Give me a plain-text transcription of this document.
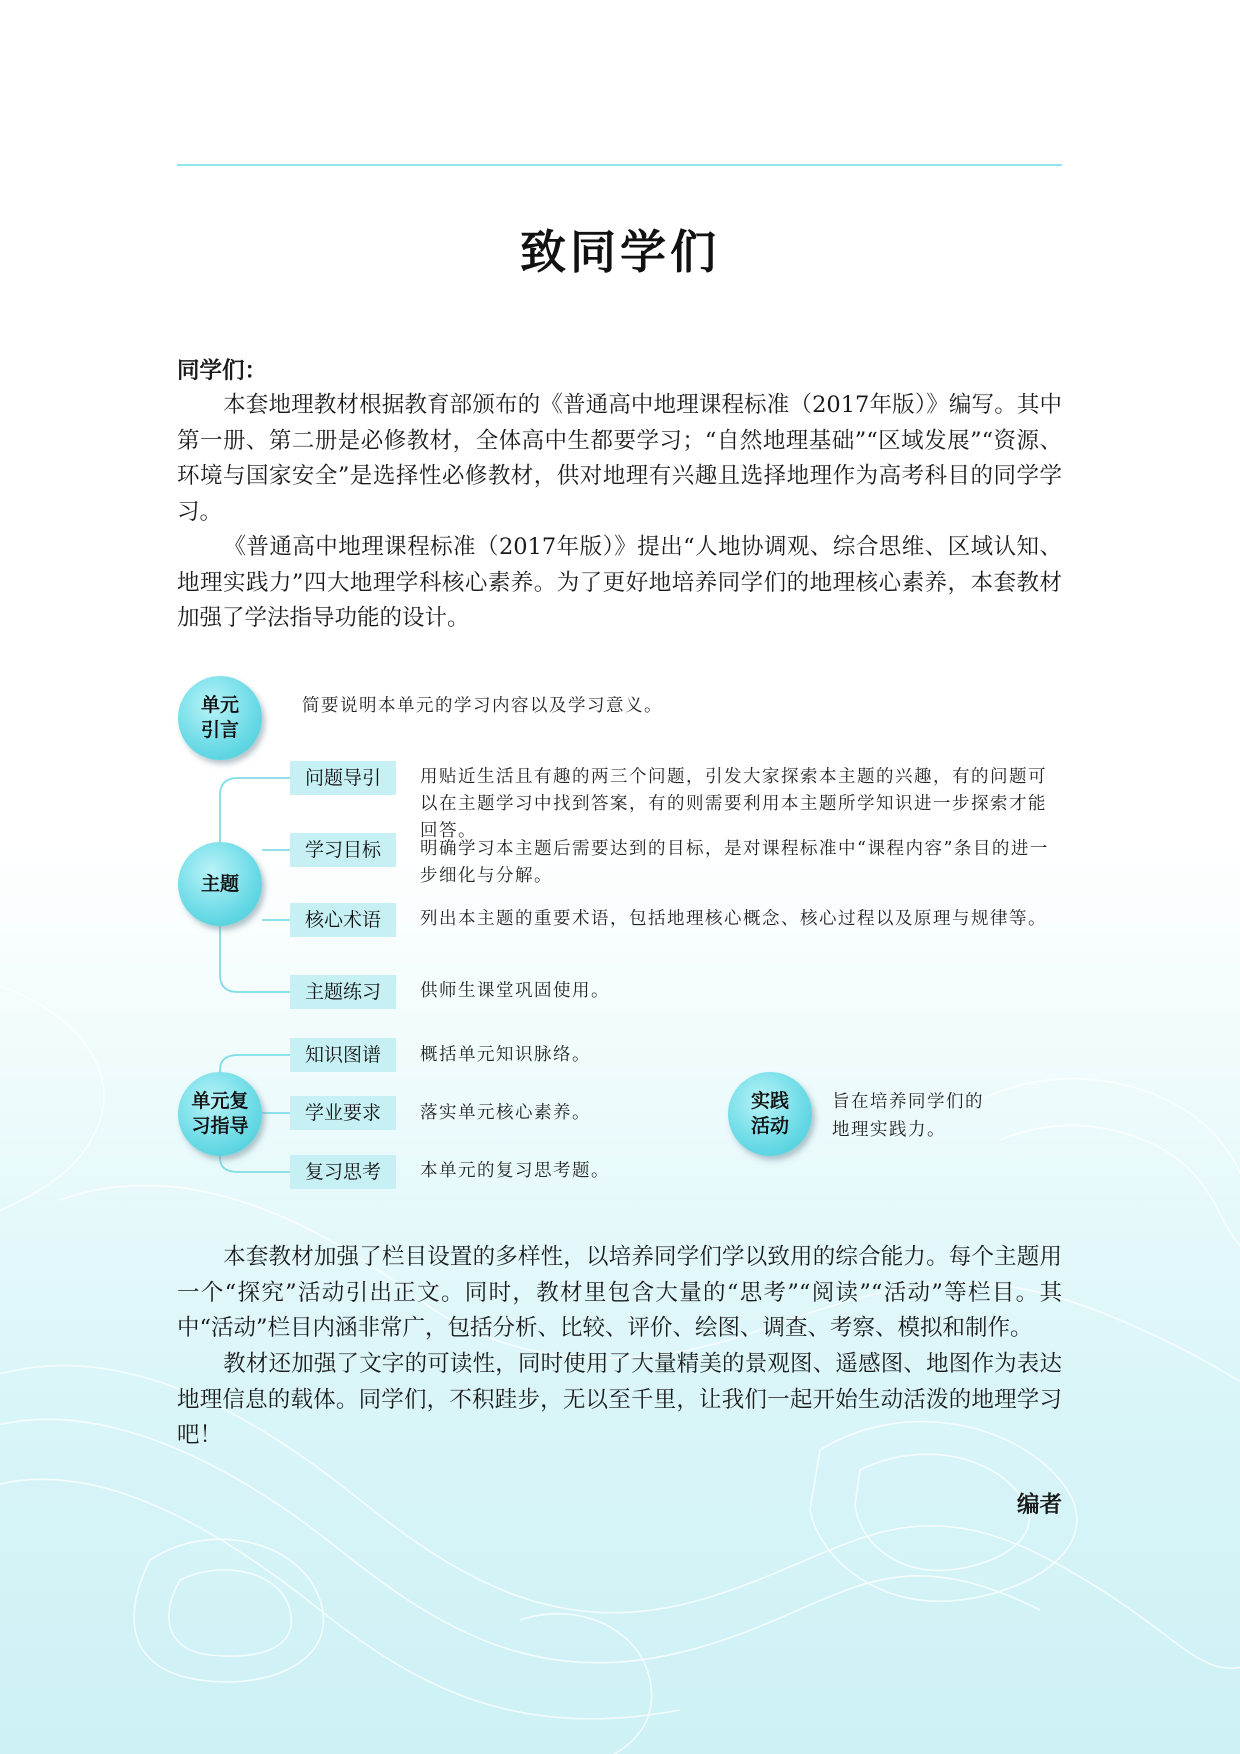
致同学们
同学们：

本套地理教材根据教育部颁布的《普通高中地理课程标准（2017年版）》编写。其中第一册、第二册是必修教材，全体高中生都要学习；“自然地理基础”“区域发展”“资源、环境与国家安全”是选择性必修教材，供对地理有兴趣且选择地理作为高考科目的同学学习。

《普通高中地理课程标准（2017年版）》提出“人地协调观、综合思维、区域认知、地理实践力”四大地理学科核心素养。为了更好地培养同学们的地理核心素养，本套教材加强了学法指导功能的设计。

单元
引言

简要说明本单元的学习内容以及学习意义。

主题
问题导引	用贴近生活且有趣的两三个问题，引发大家探索本主题的兴趣，有的问题可以在主题学习中找到答案，有的则需要利用本主题所学知识进一步探索才能回答。

学习目标	明确学习本主题后需要达到的目标，是对课程标准中“课程内容”条目的进一步细化与分解。

核心术语	列出本主题的重要术语，包括地理核心概念、核心过程以及原理与规律等。

主题练习	供师生课堂巩固使用。

单元复
习指导
知识图谱	概括单元知识脉络。

学业要求	落实单元核心素养。

复习思考	本单元的复习思考题。

实践
活动

旨在培养同学们的
地理实践力。

本套教材加强了栏目设置的多样性，以培养同学们学以致用的综合能力。每个主题用一个“探究”活动引出正文。同时，教材里包含大量的“思考”“阅读”“活动”等栏目。其中“活动”栏目内涵非常广，包括分析、比较、评价、绘图、调查、考察、模拟和制作。

教材还加强了文字的可读性，同时使用了大量精美的景观图、遥感图、地图作为表达地理信息的载体。同学们，不积跬步，无以至千里，让我们一起开始生动活泼的地理学习吧！

编者
